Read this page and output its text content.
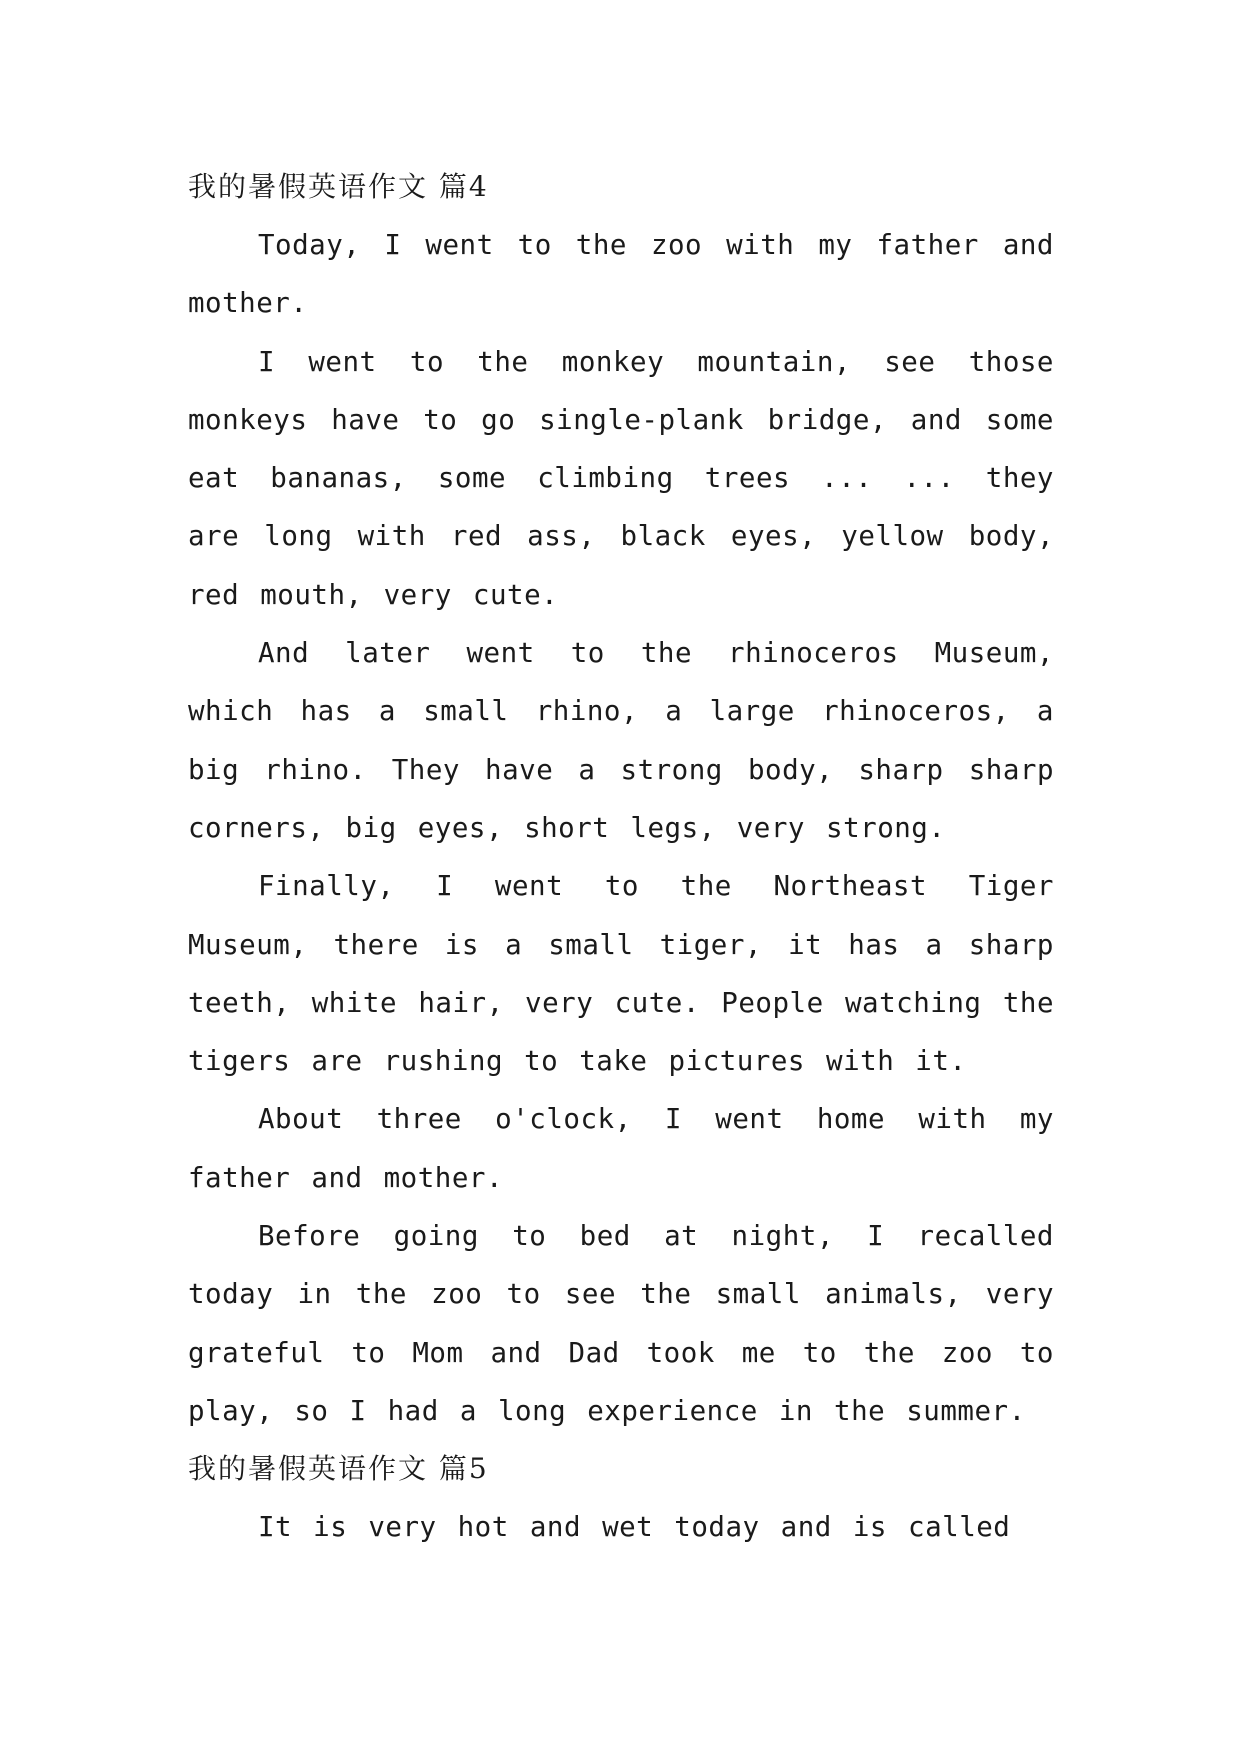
我的暑假英语作文 篇4

Today, I went to the zoo with my father and mother.

I went to the monkey mountain, see those monkeys have to go single-plank bridge, and some eat bananas, some climbing trees ... ... they are long with red ass, black eyes, yellow body, red mouth, very cute.

And later went to the rhinoceros Museum, which has a small rhino, a large rhinoceros, a big rhino. They have a strong body, sharp sharp corners, big eyes, short legs, very strong.

Finally, I went to the Northeast Tiger Museum, there is a small tiger, it has a sharp teeth, white hair, very cute. People watching the tigers are rushing to take pictures with it.

About three o'clock, I went home with my father and mother.

Before going to bed at night, I recalled today in the zoo to see the small animals, very grateful to Mom and Dad took me to the zoo to play, so I had a long experience in the summer.

我的暑假英语作文 篇5

It is very hot and wet today and is called
